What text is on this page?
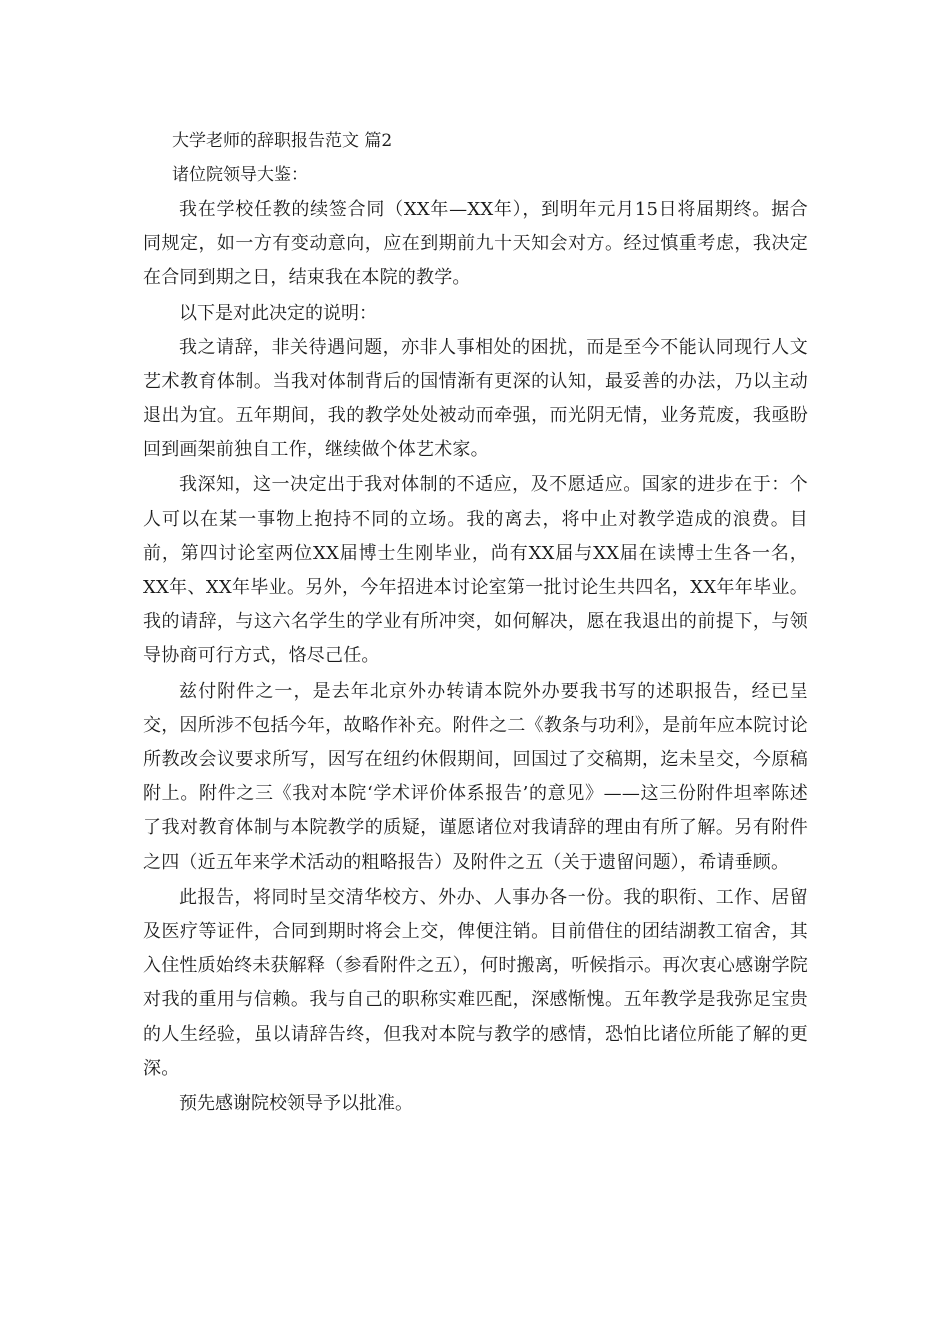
大学老师的辞职报告范文 篇2

诸位院领导大鉴：

我在学校任教的续签合同（XX年—XX年），到明年元月15日将届期终。据合同规定，如一方有变动意向，应在到期前九十天知会对方。经过慎重考虑，我决定在合同到期之日，结束我在本院的教学。

以下是对此决定的说明：

我之请辞，非关待遇问题，亦非人事相处的困扰，而是至今不能认同现行人文艺术教育体制。当我对体制背后的国情渐有更深的认知，最妥善的办法，乃以主动退出为宜。五年期间，我的教学处处被动而牵强，而光阴无情，业务荒废，我亟盼回到画架前独自工作，继续做个体艺术家。

我深知，这一决定出于我对体制的不适应，及不愿适应。国家的进步在于：个人可以在某一事物上抱持不同的立场。我的离去，将中止对教学造成的浪费。目前，第四讨论室两位XX届博士生刚毕业，尚有XX届与XX届在读博士生各一名，XX年、XX年毕业。另外，今年招进本讨论室第一批讨论生共四名，XX年年毕业。我的请辞，与这六名学生的学业有所冲突，如何解决，愿在我退出的前提下，与领导协商可行方式，恪尽己任。

兹付附件之一，是去年北京外办转请本院外办要我书写的述职报告，经已呈交，因所涉不包括今年，故略作补充。附件之二《教条与功利》，是前年应本院讨论所教改会议要求所写，因写在纽约休假期间，回国过了交稿期，迄未呈交，今原稿附上。附件之三《我对本院‘学术评价体系报告’的意见》——这三份附件坦率陈述了我对教育体制与本院教学的质疑，谨愿诸位对我请辞的理由有所了解。另有附件之四（近五年来学术活动的粗略报告）及附件之五（关于遗留问题），希请垂顾。

此报告，将同时呈交清华校方、外办、人事办各一份。我的职衔、工作、居留及医疗等证件，合同到期时将会上交，俾便注销。目前借住的团结湖教工宿舍，其入住性质始终未获解释（参看附件之五），何时搬离，听候指示。再次衷心感谢学院对我的重用与信赖。我与自己的职称实难匹配，深感惭愧。五年教学是我弥足宝贵的人生经验，虽以请辞告终，但我对本院与教学的感情，恐怕比诸位所能了解的更深。

预先感谢院校领导予以批准。
